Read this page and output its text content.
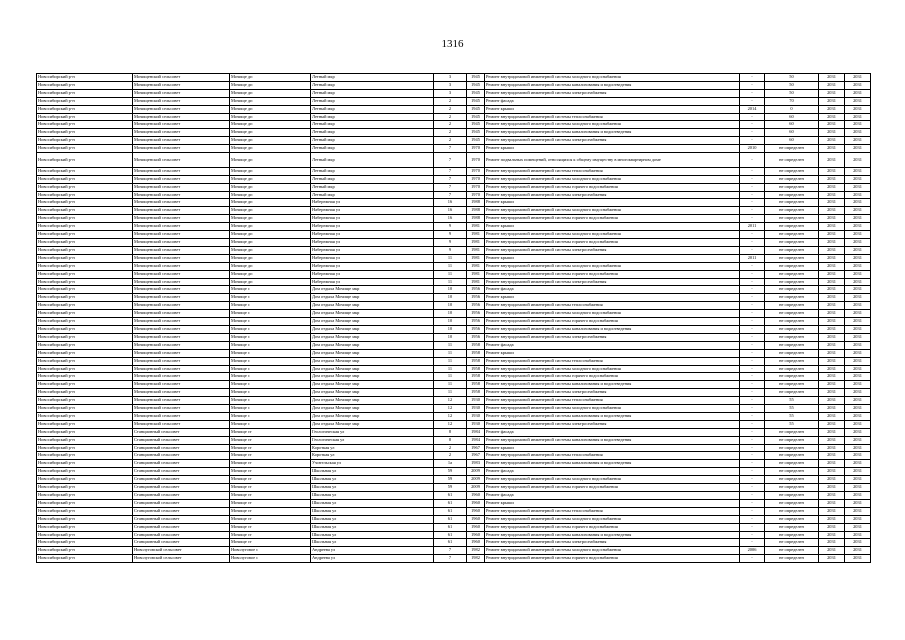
1316
Новосибирский р-н	Мочищенский сельсовет	Мочище дп	Летный мкр	3	1945	Ремонт внутридомовой инженерной системы холодного водоснабжения	-	50	2031	2031
Новосибирский р-н	Мочищенский сельсовет	Мочище дп	Летный мкр	3	1945	Ремонт внутридомовой инженерной системы канализования и водоотведения	-	50	2031	2031
Новосибирский р-н	Мочищенский сельсовет	Мочище дп	Летный мкр	3	1945	Ремонт внутридомовой инженерной системы электроснабжения	-	50	2031	2031
Новосибирский р-н	Мочищенский сельсовет	Мочище дп	Летный мкр	2	1945	Ремонт фасада	-	70	2031	2031
Новосибирский р-н	Мочищенский сельсовет	Мочище дп	Летный мкр	2	1945	Ремонт крыши	2014	0	2031	2031
Новосибирский р-н	Мочищенский сельсовет	Мочище дп	Летный мкр	2	1945	Ремонт внутридомовой инженерной системы теплоснабжения	-	60	2031	2031
Новосибирский р-н	Мочищенский сельсовет	Мочище дп	Летный мкр	2	1945	Ремонт внутридомовой инженерной системы холодного водоснабжения	-	60	2031	2031
Новосибирский р-н	Мочищенский сельсовет	Мочище дп	Летный мкр	2	1945	Ремонт внутридомовой инженерной системы канализования и водоотведения	-	60	2031	2031
Новосибирский р-н	Мочищенский сельсовет	Мочище дп	Летный мкр	2	1945	Ремонт внутридомовой инженерной системы электроснабжения	-	60	2031	2031
Новосибирский р-н	Мочищенский сельсовет	Мочище дп	Летный мкр	7	1970	Ремонт крыши	2010	не определен	2031	2031
Новосибирский р-н	Мочищенский сельсовет	Мочище дп	Летный мкр	7	1970	Ремонт подвальных помещений, относящихся к общему имуществу в многоквартирном доме	-	не определен	2031	2031
Новосибирский р-н	Мочищенский сельсовет	Мочище дп	Летный мкр	7	1970	Ремонт внутридомовой инженерной системы теплоснабжения	-	не определен	2031	2031
Новосибирский р-н	Мочищенский сельсовет	Мочище дп	Летный мкр	7	1970	Ремонт внутридомовой инженерной системы холодного водоснабжения	-	не определен	2031	2031
Новосибирский р-н	Мочищенский сельсовет	Мочище дп	Летный мкр	7	1970	Ремонт внутридомовой инженерной системы горячего водоснабжения	-	не определен	2031	2031
Новосибирский р-н	Мочищенский сельсовет	Мочище дп	Летный мкр	7	1970	Ремонт внутридомовой инженерной системы электроснабжения	-	не определен	2031	2031
Новосибирский р-н	Мочищенский сельсовет	Мочище дп	Набережная ул	16	1988	Ремонт крыши	-	не определен	2031	2031
Новосибирский р-н	Мочищенский сельсовет	Мочище дп	Набережная ул	16	1988	Ремонт внутридомовой инженерной системы холодного водоснабжения	-	не определен	2031	2031
Новосибирский р-н	Мочищенский сельсовет	Мочище дп	Набережная ул	16	1988	Ремонт внутридомовой инженерной системы горячего водоснабжения	-	не определен	2031	2031
Новосибирский р-н	Мочищенский сельсовет	Мочище дп	Набережная ул	9	1981	Ремонт крыши	2011	не определен	2031	2031
Новосибирский р-н	Мочищенский сельсовет	Мочище дп	Набережная ул	9	1981	Ремонт внутридомовой инженерной системы холодного водоснабжения	-	не определен	2031	2031
Новосибирский р-н	Мочищенский сельсовет	Мочище дп	Набережная ул	9	1981	Ремонт внутридомовой инженерной системы горячего водоснабжения	-	не определен	2031	2031
Новосибирский р-н	Мочищенский сельсовет	Мочище дп	Набережная ул	9	1981	Ремонт внутридомовой инженерной системы электроснабжения	-	не определен	2031	2031
Новосибирский р-н	Мочищенский сельсовет	Мочище дп	Набережная ул	11	1981	Ремонт крыши	2011	не определен	2031	2031
Новосибирский р-н	Мочищенский сельсовет	Мочище дп	Набережная ул	11	1981	Ремонт внутридомовой инженерной системы холодного водоснабжения	-	не определен	2031	2031
Новосибирский р-н	Мочищенский сельсовет	Мочище дп	Набережная ул	11	1981	Ремонт внутридомовой инженерной системы горячего водоснабжения	-	не определен	2031	2031
Новосибирский р-н	Мочищенский сельсовет	Мочище дп	Набережная ул	11	1981	Ремонт внутридомовой инженерной системы электроснабжения	-	не определен	2031	2031
Новосибирский р-н	Мочищенский сельсовет	Мочище с	Дом отдыха Мочище мкр	10	1956	Ремонт фасада	-	не определен	2031	2031
Новосибирский р-н	Мочищенский сельсовет	Мочище с	Дом отдыха Мочище мкр	10	1956	Ремонт крыши	-	не определен	2031	2031
Новосибирский р-н	Мочищенский сельсовет	Мочище с	Дом отдыха Мочище мкр	10	1956	Ремонт внутридомовой инженерной системы теплоснабжения	-	не определен	2031	2031
Новосибирский р-н	Мочищенский сельсовет	Мочище с	Дом отдыха Мочище мкр	10	1956	Ремонт внутридомовой инженерной системы холодного водоснабжения	-	не определен	2031	2031
Новосибирский р-н	Мочищенский сельсовет	Мочище с	Дом отдыха Мочище мкр	10	1956	Ремонт внутридомовой инженерной системы горячего водоснабжения	-	не определен	2031	2031
Новосибирский р-н	Мочищенский сельсовет	Мочище с	Дом отдыха Мочище мкр	10	1956	Ремонт внутридомовой инженерной системы канализования и водоотведения	-	не определен	2031	2031
Новосибирский р-н	Мочищенский сельсовет	Мочище с	Дом отдыха Мочище мкр	10	1956	Ремонт внутридомовой инженерной системы электроснабжения	-	не определен	2031	2031
Новосибирский р-н	Мочищенский сельсовет	Мочище с	Дом отдыха Мочище мкр	11	1958	Ремонт фасада	-	не определен	2031	2031
Новосибирский р-н	Мочищенский сельсовет	Мочище с	Дом отдыха Мочище мкр	11	1958	Ремонт крыши	-	не определен	2031	2031
Новосибирский р-н	Мочищенский сельсовет	Мочище с	Дом отдыха Мочище мкр	11	1958	Ремонт внутридомовой инженерной системы теплоснабжения	-	не определен	2031	2031
Новосибирский р-н	Мочищенский сельсовет	Мочище с	Дом отдыха Мочище мкр	11	1958	Ремонт внутридомовой инженерной системы холодного водоснабжения	-	не определен	2031	2031
Новосибирский р-н	Мочищенский сельсовет	Мочище с	Дом отдыха Мочище мкр	11	1958	Ремонт внутридомовой инженерной системы горячего водоснабжения	-	не определен	2031	2031
Новосибирский р-н	Мочищенский сельсовет	Мочище с	Дом отдыха Мочище мкр	11	1958	Ремонт внутридомовой инженерной системы канализования и водоотведения	-	не определен	2031	2031
Новосибирский р-н	Мочищенский сельсовет	Мочище с	Дом отдыха Мочище мкр	11	1958	Ремонт внутридомовой инженерной системы электроснабжения	-	не определен	2031	2031
Новосибирский р-н	Мочищенский сельсовет	Мочище с	Дом отдыха Мочище мкр	12	1930	Ремонт внутридомовой инженерной системы теплоснабжения	-	55	2031	2031
Новосибирский р-н	Мочищенский сельсовет	Мочище с	Дом отдыха Мочище мкр	12	1930	Ремонт внутридомовой инженерной системы холодного водоснабжения	-	55	2031	2031
Новосибирский р-н	Мочищенский сельсовет	Мочище с	Дом отдыха Мочище мкр	12	1930	Ремонт внутридомовой инженерной системы канализования и водоотведения	-	55	2031	2031
Новосибирский р-н	Мочищенский сельсовет	Мочище с	Дом отдыха Мочище мкр	12	1930	Ремонт внутридомовой инженерной системы электроснабжения	-	55	2031	2031
Новосибирский р-н	Станционный сельсовет	Мочище ст	Геологическая ул	8	1984	Ремонт фасада	-	не определен	2031	2031
Новосибирский р-н	Станционный сельсовет	Мочище ст	Геологическая ул	8	1984	Ремонт внутридомовой инженерной системы канализования и водоотведения	-	не определен	2031	2031
Новосибирский р-н	Станционный сельсовет	Мочище ст	Короткая ул	2	1967	Ремонт крыши	-	не определен	2031	2031
Новосибирский р-н	Станционный сельсовет	Мочище ст	Короткая ул	2	1967	Ремонт внутридомовой инженерной системы теплоснабжения	-	не определен	2031	2031
Новосибирский р-н	Станционный сельсовет	Мочище ст	Учительская ул	1а	1983	Ремонт внутридомовой инженерной системы канализования и водоотведения	-	не определен	2031	2031
Новосибирский р-н	Станционный сельсовет	Мочище ст	Школьная ул	59	2009	Ремонт фасада	-	не определен	2031	2031
Новосибирский р-н	Станционный сельсовет	Мочище ст	Школьная ул	59	2009	Ремонт внутридомовой инженерной системы холодного водоснабжения	-	не определен	2031	2031
Новосибирский р-н	Станционный сельсовет	Мочище ст	Школьная ул	59	2009	Ремонт внутридомовой инженерной системы горячего водоснабжения	-	не определен	2031	2031
Новосибирский р-н	Станционный сельсовет	Мочище ст	Школьная ул	61	1960	Ремонт фасада	-	не определен	2031	2031
Новосибирский р-н	Станционный сельсовет	Мочище ст	Школьная ул	61	1960	Ремонт крыши	-	не определен	2031	2031
Новосибирский р-н	Станционный сельсовет	Мочище ст	Школьная ул	61	1960	Ремонт внутридомовой инженерной системы теплоснабжения	-	не определен	2031	2031
Новосибирский р-н	Станционный сельсовет	Мочище ст	Школьная ул	61	1960	Ремонт внутридомовой инженерной системы холодного водоснабжения	-	не определен	2031	2031
Новосибирский р-н	Станционный сельсовет	Мочище ст	Школьная ул	61	1960	Ремонт внутридомовой инженерной системы горячего водоснабжения	-	не определен	2031	2031
Новосибирский р-н	Станционный сельсовет	Мочище ст	Школьная ул	61	1960	Ремонт внутридомовой инженерной системы канализования и водоотведения	-	не определен	2031	2031
Новосибирский р-н	Станционный сельсовет	Мочище ст	Школьная ул	61	1960	Ремонт внутридомовой инженерной системы электроснабжения	-	не определен	2031	2031
Новосибирский р-н	Новолуговской сельсовет	Новолуговое с	Андреева ул	7	1982	Ремонт внутридомовой инженерной системы холодного водоснабжения	2006	не определен	2031	2031
Новосибирский р-н	Новолуговской сельсовет	Новолуговое с	Андреева ул	7	1982	Ремонт внутридомовой инженерной системы горячего водоснабжения	-	не определен	2031	2031
